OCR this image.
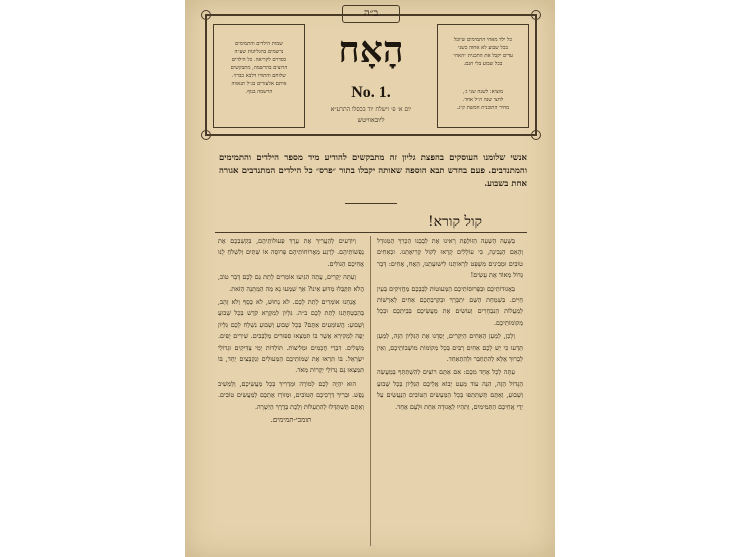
ב״ה
הָאָח
No. 1.
יום א׳ פ׳ וישלח יוד בכסלו התרע״א
ליובאוויטש
שמות הילדים והתמימים
נרשמים בהגליונות שע״ה
כסדרם לקריאה. כל הילדים
הרוצים בהרשמה, מתבקשים
שלוחם והתודו דלבא כברזי.
איתם אלעזרים בנ״ל תגאווה
הרשמה בנוף.
כל ילד מאחי התמימים שיוכל
בכל שבוע לא אחוה כשני
עדים יקבל את התכנית ״האח״
בכל שבוע בלי חנם.
מוציא: לשנה שני ג׳,
לחצי שנה ה״ל אחד.
מחיר התוכנית חמשת ק״ג.
אנשי שלומנו העוסקים בהפצת גליון זה מתבקשים להודיע מיד מספר הילדים והתמימים והמתנדבים. פעם בחדש תבא הוספה שאותה יקבלו בתור ״פרס״ כל הילדים המתנדבים אגורה אחת בשבוע.
קול קורא!

בַּשָּׁעָה הַשְּׁעָה הַזּוֹלֶפֶת רָאִינוּ אֶת לְבָבֵנוּ הַכָּרִךְ הַמְּגוּדָל וְהָאֵם הַנָּבִינָה, כִּי עוֹלָלִים קָרְאוּ לְקוֹל קְרִיאָתֵנוּ. וּכְאַחִים טוֹבִים וּמְבִינִים מִשְׁפָּט לִרְאוֹתְנוּ לִישׁוּעָתֵנוּ, הַאָח, אָחִים: דָּבָר גָּדוֹל מְאוֹד אֶת עָשִׂים!

בַּאֲגוּדוֹתֵיכֶם וּבְפְּרוּסוֹתֵיכֶם הַמְּעוּטוֹת לְבָבְכֶם מַחֲזִיקִים בְּעֵין חַיִּים. בִּשְׁמַחַת הַשֵּׁם יִתְבָּרַךְ וּבְקִרְבַתְכֶם אַחִים לְאַרְשׁוֹת לְמַעֲלוֹת הַנִּבְחָרִים וְעוֹשִׂים אֶת מַעֲשֵׂיכֶם בְּבֵיתְכֶם וּבְכָל מְקוֹמוֹתֵיכֶם.

וְלָכֵן, לְמַעַן הָאַחִים הַיְּקָרִים, יָסַדְנוּ אֶת הַגִּלָּיוֹן הַזֶּה, לְמַעַן תֵּדְעוּ כִּי יֵשׁ לָכֶם אַחִים רַבִּים בְּכָל מְקוֹמוֹת מוֹשְׁבוֹתֵיכֶם, וְאֵין לְבָרוּךְ אֶלָּא לְהִתְחַבֵּר וּלְהִתְאַחֵד.

עַתָּה לְכָל אֶחָד מִכֶּם: אִם אַתֶּם רוֹצִים לְהִשְׁתַּתֵּף בְּמַעֲשֵׂה הַגָּדוֹל הַזֶּה, הִנֵּה עוֹד מְעַט יָבוֹא אֲלֵיכֶם הַגִּלָּיוֹן בְּכָל שָׁבוּעַ וְשָׁבוּעַ, וְאַתֶּם תַּשְׁתַּתְּפוּ בְּכָל הַמְּעַשִׂים הַטּוֹבִים הַנַּעֲשִׂים עַל יְדֵי אֲחֵיכֶם הַתְּמִימִים, וְתִהְיוּ לַאֲגוּדָה אַחַת וּלְעָם אֶחָד.

וְיוֹדְעִים לְהַעֲרִיךְ אֶת עֶרֶךְ פְּעוּלוֹתֵיהֶם, בִּקְשֵׁבְכֶם אֶת נַפְשׁוֹתֵיהֶם. לְרֶגַע מַאֲרוֹחוֹתֵיהֶם פְּרוּסָה אוֹ שְׁתַּיִם וְלִשְׁלֹחַ לָנוּ אֲחִיכֶם הַגּוֹלִים.

וְעַתָּה יְקָרִים, עֲתָה הִגִּיעוּ אוֹמְרִים לָתֵת גַּם לָכֶם דָּבָר טוֹב, הֲלֹא תִּקַּבְּלוּ מַדּוּעַ אֵינוֹ? אַךְ שִׁמְעוּ נָא מַה הַמַּתָּנָה הַזֹּאת.

אֲנַחְנוּ אוֹמְרִים לָתֵת לָכֶם. לֹא נָחוּשׁ, לֹא כֶּסֶף וְלֹא זָהָב, בְּהַבְטָחָתֵנוּ לָתֵת לָכֶם ב״ה. גִּלָּיוֹן לְמִקְרָא קֹדֶשׁ בְּכָל שָׁבוּעַ וְשָׁבוּעַ: הֲשׁוֹמְעִים אַתֶּם? בְּכָל שָׁבוּעַ וְשָׁבוּעַ נִשְׁלַח לָכֶם גִּלָּיוֹן יָפֶה לִמְקִירָא אֲשֶׁר בּוֹ תִּמְצְאוּ סִפּוּרִים מְלַבְּבִים. שִׁירִים יָפִים. מְשָׁלִים. דִּבְרֵי חֲכָמִים וּמְלִיצוֹת. תּוֹלְדוֹת יְמֵי צַדִּיקִים וּגְדוֹלֵי יִשְׂרָאֵל. בּוֹ תִּרְאוּ אֶת שֵׁמוֹתֵיכֶם הַמְּעוּלִים וְנִקְבָּצִים יַחַד, בּוֹ תִּמְצְאוּ גַּם גְּדוֹלֵי יְקָרוֹת מְאֹד.

הוּא יִהְיֶה לָכֶם לְמוֹרֶה וּמַדְרִיךְ בְּכָל מַעֲשֵׂיכֶם, וְלְמֵשִׁיב נֶפֶשׁ. וּבְרִיךְ דְּרָכֵיכֶם הַטּוֹבִים, וּמְזוֹרֵז אֶתְכֶם לְמַעֲשִׂים טוֹבִים. וְאַתֶּם תַּשְׁתַּדְּלוּ לְהִתְעַלּוֹת וְלֶכֶת בְּדֶרֶךְ הַיְשָׁרָה.

תומכי-תמימים.
